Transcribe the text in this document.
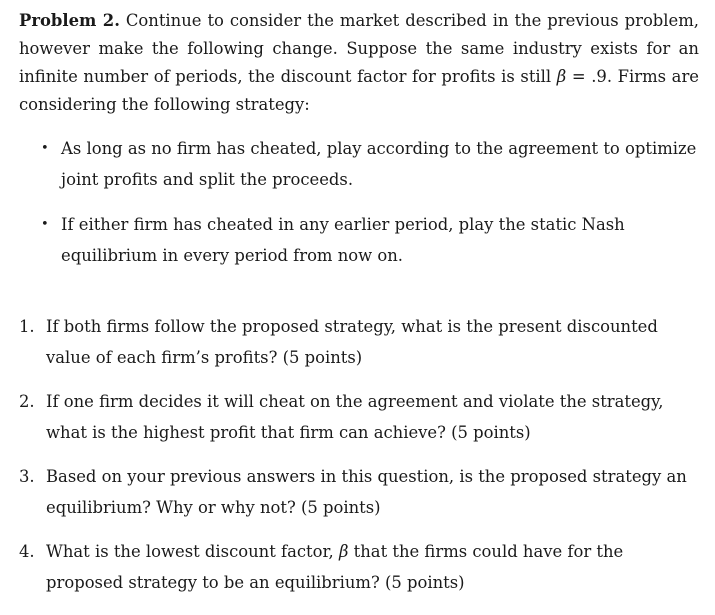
Problem 2. Continue to consider the market described in the previous problem, however make the following change. Suppose the same industry exists for an infinite number of periods, the discount factor for profits is still β = .9. Firms are considering the following strategy:

• As long as no firm has cheated, play according to the agreement to optimize joint profits and split the proceeds.
• If either firm has cheated in any earlier period, play the static Nash equilibrium in every period from now on.
1. If both firms follow the proposed strategy, what is the present discounted value of each firm’s profits? (5 points)
2. If one firm decides it will cheat on the agreement and violate the strategy, what is the highest profit that firm can achieve? (5 points)
3. Based on your previous answers in this question, is the proposed strategy an equilibrium? Why or why not? (5 points)
4. What is the lowest discount factor, β that the firms could have for the proposed strategy to be an equilibrium? (5 points)
